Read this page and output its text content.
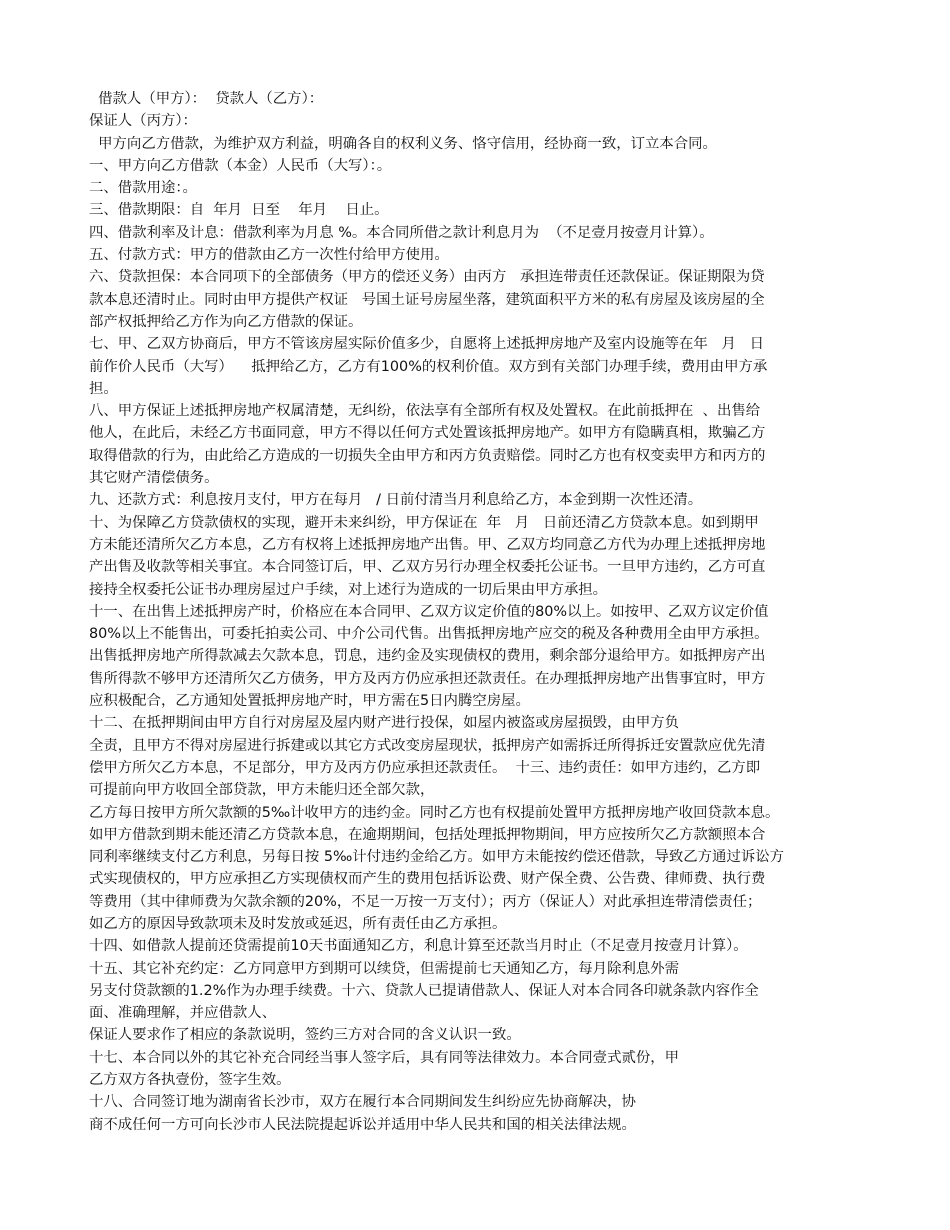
借款人（甲方）：  贷款人（乙方）：
保证人（丙方）：
甲方向乙方借款，为维护双方利益，明确各自的权利义务、恪守信用，经协商一致，订立本合同。
一、甲方向乙方借款（本金）人民币（大写）：。
二、借款用途：。
三、借款期限：自  年月  日至    年月    日止。
四、借款利率及计息：借款利率为月息 %。本合同所借之款计利息月为  （不足壹月按壹月计算）。
五、付款方式：甲方的借款由乙方一次性付给甲方使用。
六、贷款担保：本合同项下的全部债务（甲方的偿还义务）由丙方   承担连带责任还款保证。保证期限为贷
款本息还清时止。同时由甲方提供产权证   号国土证号房屋坐落，建筑面积平方米的私有房屋及该房屋的全
部产权抵押给乙方作为向乙方借款的保证。
七、甲、乙双方协商后，甲方不管该房屋实际价值多少，自愿将上述抵押房地产及室内设施等在年   月   日
前作价人民币（大写）    抵押给乙方，乙方有100%的权利价值。双方到有关部门办理手续，费用由甲方承
担。
八、甲方保证上述抵押房地产权属清楚，无纠纷，依法享有全部所有权及处置权。在此前抵押在  、出售给
他人，在此后，未经乙方书面同意，甲方不得以任何方式处置该抵押房地产。如甲方有隐瞒真相，欺骗乙方
取得借款的行为，由此给乙方造成的一切损失全由甲方和丙方负责赔偿。同时乙方也有权变卖甲方和丙方的
其它财产清偿债务。
九、还款方式：利息按月支付，甲方在每月   / 日前付清当月利息给乙方，本金到期一次性还清。
十、为保障乙方贷款债权的实现，避开未来纠纷，甲方保证在  年   月   日前还清乙方贷款本息。如到期甲
方未能还清所欠乙方本息，乙方有权将上述抵押房地产出售。甲、乙双方均同意乙方代为办理上述抵押房地
产出售及收款等相关事宜。本合同签订后，甲、乙双方另行办理全权委托公证书。一旦甲方违约，乙方可直
接持全权委托公证书办理房屋过户手续，对上述行为造成的一切后果由甲方承担。
十一、在出售上述抵押房产时，价格应在本合同甲、乙双方议定价值的80%以上。如按甲、乙双方议定价值
80%以上不能售出，可委托拍卖公司、中介公司代售。出售抵押房地产应交的税及各种费用全由甲方承担。
出售抵押房地产所得款减去欠款本息，罚息，违约金及实现债权的费用，剩余部分退给甲方。如抵押房产出
售所得款不够甲方还清所欠乙方债务，甲方及丙方仍应承担还款责任。在办理抵押房地产出售事宜时，甲方
应积极配合，乙方通知处置抵押房地产时，甲方需在5日内腾空房屋。
十二、在抵押期间由甲方自行对房屋及屋内财产进行投保，如屋内被盗或房屋损毁，由甲方负
全责，且甲方不得对房屋进行拆建或以其它方式改变房屋现状，抵押房产如需拆迁所得拆迁安置款应优先清
偿甲方所欠乙方本息，不足部分，甲方及丙方仍应承担还款责任。  十三、违约责任：如甲方违约，乙方即
可提前向甲方收回全部贷款，甲方未能归还全部欠款，
乙方每日按甲方所欠款额的5‰计收甲方的违约金。同时乙方也有权提前处置甲方抵押房地产收回贷款本息。
如甲方借款到期未能还清乙方贷款本息，在逾期期间，包括处理抵押物期间，甲方应按所欠乙方款额照本合
同利率继续支付乙方利息，另每日按 5‰计付违约金给乙方。如甲方未能按约偿还借款，导致乙方通过诉讼方
式实现债权的，甲方应承担乙方实现债权而产生的费用包括诉讼费、财产保全费、公告费、律师费、执行费
等费用（其中律师费为欠款余额的20%，不足一万按一万支付）；丙方（保证人）对此承担连带清偿责任；
如乙方的原因导致款项未及时发放或延迟，所有责任由乙方承担。
十四、如借款人提前还贷需提前10天书面通知乙方，利息计算至还款当月时止（不足壹月按壹月计算）。
十五、其它补充约定：乙方同意甲方到期可以续贷，但需提前七天通知乙方，每月除利息外需
另支付贷款额的1.2%作为办理手续费。十六、贷款人已提请借款人、保证人对本合同各印就条款内容作全
面、准确理解，并应借款人、
保证人要求作了相应的条款说明，签约三方对合同的含义认识一致。
十七、本合同以外的其它补充合同经当事人签字后，具有同等法律效力。本合同壹式贰份，甲
乙方双方各执壹份，签字生效。
十八、合同签订地为湖南省长沙市，双方在履行本合同期间发生纠纷应先协商解决，协
商不成任何一方可向长沙市人民法院提起诉讼并适用中华人民共和国的相关法律法规。
